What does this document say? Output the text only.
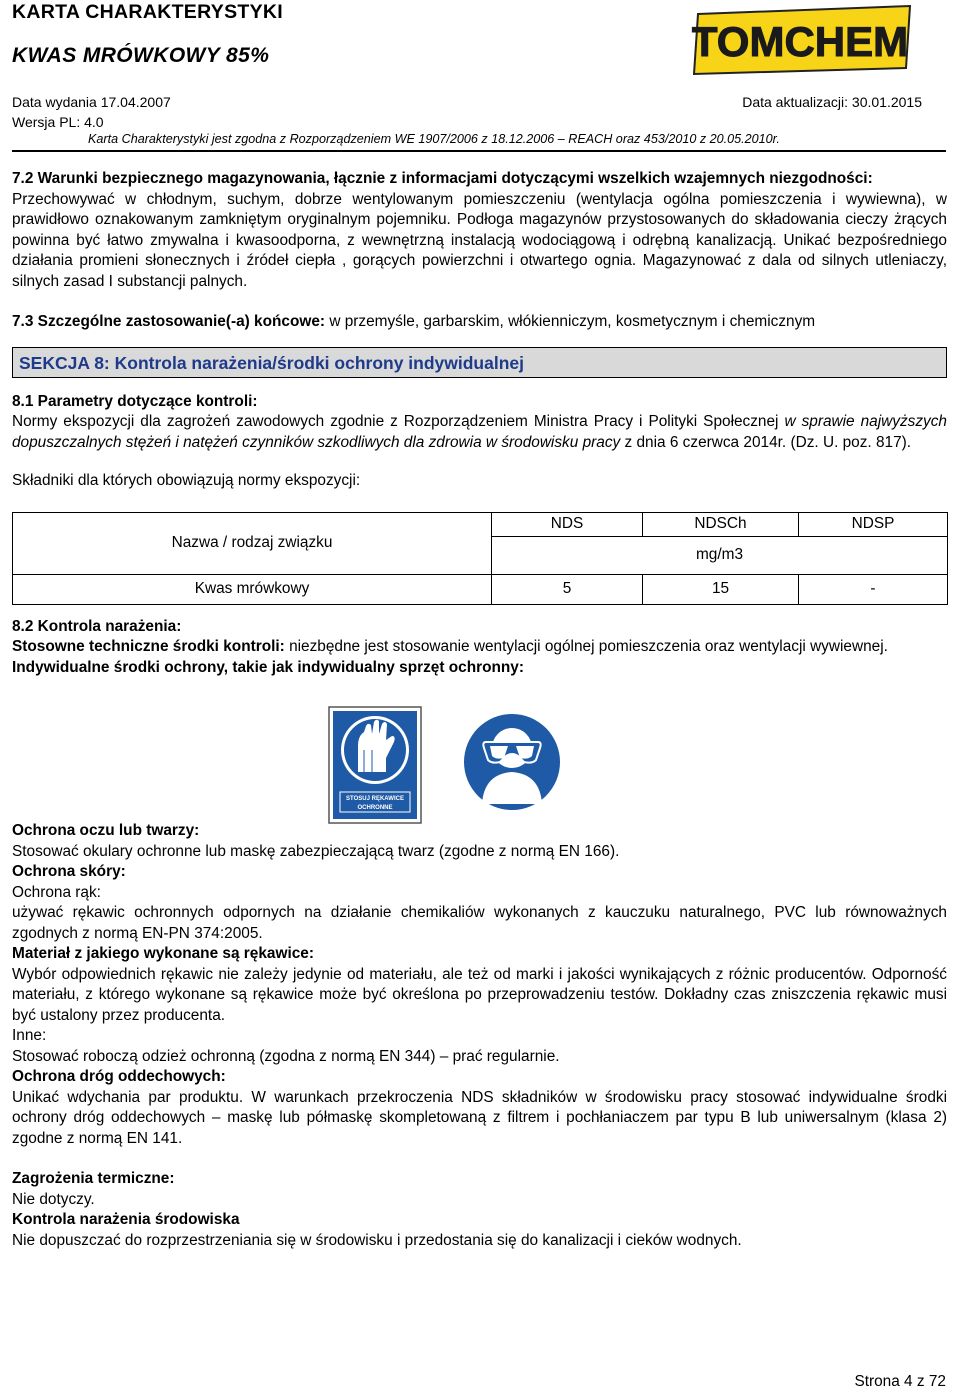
KARTA CHARAKTERYSTYKI
KWAS MRÓWKOWY 85%	TOMCHEM
Data wydania 17.04.2007	Data aktualizacji: 30.01.2015
Wersja PL: 4.0
Karta Charakterystyki jest zgodna z Rozporządzeniem WE 1907/2006 z 18.12.2006 – REACH oraz 453/2010 z 20.05.2010r.

7.2 Warunki bezpiecznego magazynowania, łącznie z informacjami dotyczącymi wszelkich wzajemnych niezgodności:
Przechowywać w chłodnym, suchym, dobrze wentylowanym pomieszczeniu (wentylacja ogólna pomieszczenia i wywiewna), w prawidłowo oznakowanym zamkniętym oryginalnym pojemniku. Podłoga magazynów przystosowanych do składowania cieczy żrących powinna być łatwo zmywalna i kwasoodporna, z wewnętrzną instalacją wodociągową i odrębną kanalizacją. Unikać bezpośredniego działania promieni słonecznych i źródeł ciepła , gorących powierzchni i otwartego ognia. Magazynować z dala od silnych utleniaczy, silnych zasad I substancji palnych.

7.3 Szczególne zastosowanie(-a) końcowe: w przemyśle, garbarskim, włókienniczym, kosmetycznym i chemicznym

SEKCJA 8: Kontrola narażenia/środki ochrony indywidualnej

8.1 Parametry dotyczące kontroli:
Normy ekspozycji dla zagrożeń zawodowych zgodnie z Rozporządzeniem Ministra Pracy i Polityki Społecznej w sprawie najwyższych dopuszczalnych stężeń i natężeń czynników szkodliwych dla zdrowia w środowisku pracy z dnia 6 czerwca 2014r. (Dz. U. poz. 817).

Składniki dla których obowiązują normy ekspozycji:

Nazwa / rodzaj związku	NDS	NDSCh	NDSP
	mg/m3		
Kwas mrówkowy	5	15	-

8.2 Kontrola narażenia:
Stosowne techniczne środki kontroli: niezbędne jest stosowanie wentylacji ogólnej pomieszczenia oraz wentylacji wywiewnej.
Indywidualne środki ochrony, takie jak indywidualny sprzęt ochronny:

STOSUJ RĘKAWICE
OCHRONNE

Ochrona oczu lub twarzy:
Stosować okulary ochronne lub maskę zabezpieczającą twarz (zgodne z normą EN 166).
Ochrona skóry:
Ochrona rąk:
używać rękawic ochronnych odpornych na działanie chemikaliów wykonanych z kauczuku naturalnego, PVC lub równoważnych zgodnych z normą EN-PN 374:2005.
Materiał z jakiego wykonane są rękawice:
Wybór odpowiednich rękawic nie zależy jedynie od materiału, ale też od marki i jakości wynikających z różnic producentów. Odporność materiału, z którego wykonane są rękawice może być określona po przeprowadzeniu testów. Dokładny czas zniszczenia rękawic musi być ustalony przez producenta.
Inne:
Stosować roboczą odzież ochronną (zgodna z normą EN 344) – prać regularnie.
Ochrona dróg oddechowych:
Unikać wdychania par produktu. W warunkach przekroczenia NDS składników w środowisku pracy stosować indywidualne środki ochrony dróg oddechowych – maskę lub półmaskę skompletowaną z filtrem i pochłaniaczem par typu B lub uniwersalnym (klasa 2) zgodne z normą EN 141.

Zagrożenia termiczne:
Nie dotyczy.
Kontrola narażenia środowiska
Nie dopuszczać do rozprzestrzeniania się w środowisku i przedostania się do kanalizacji i cieków wodnych.

Strona 4 z 72
